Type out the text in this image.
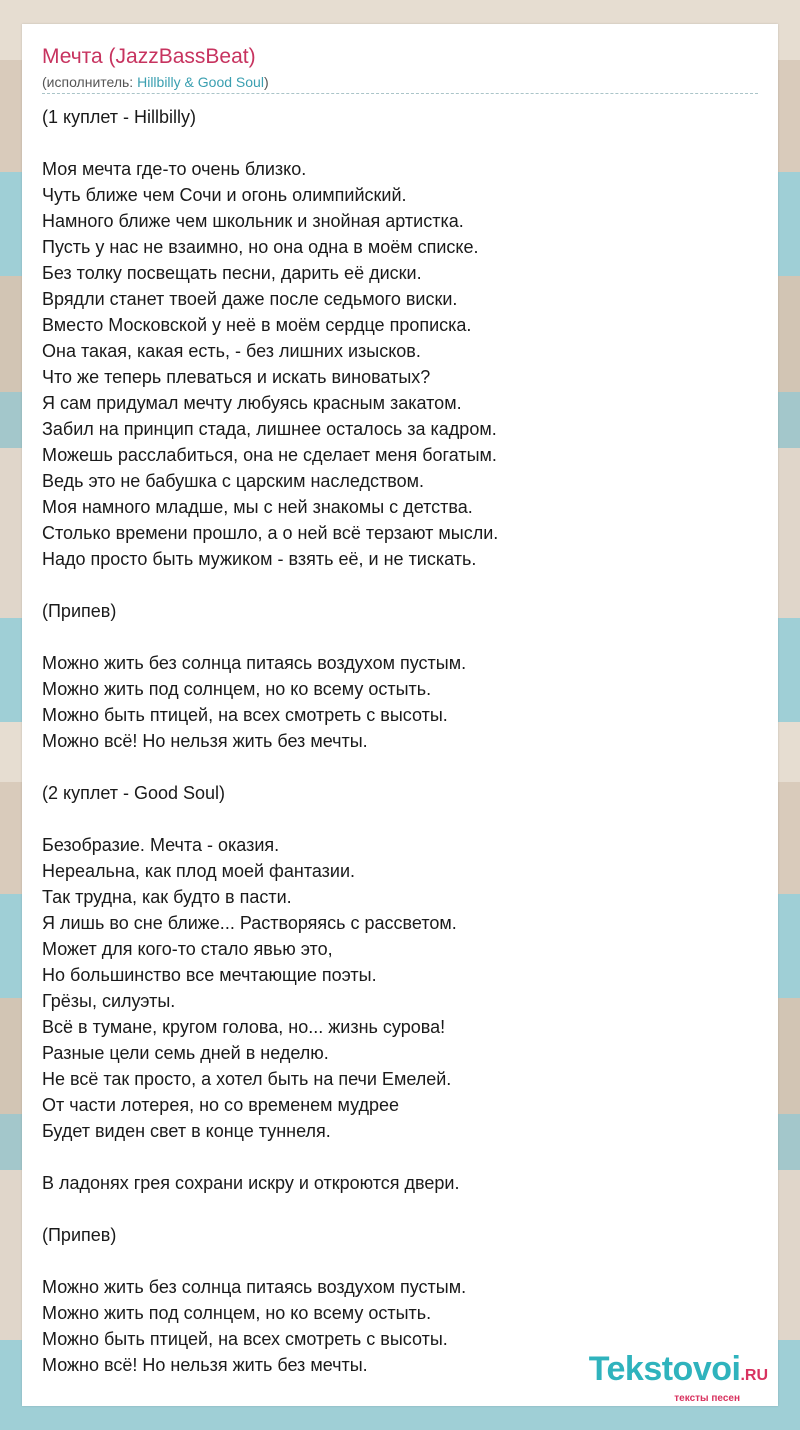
Мечта (JazzBassBeat)
(исполнитель: Hillbilly & Good Soul)
(1 куплет - Hillbilly)

Моя мечта где-то очень близко.
Чуть ближе чем Сочи и огонь олимпийский.
Намного ближе чем школьник и знойная артистка.
Пусть у нас не взаимно, но она одна в моём списке.
Без толку посвещать песни, дарить её диски.
Врядли станет твоей даже после седьмого виски.
Вместо Московской у неё в моём сердце прописка.
Она такая, какая есть, - без лишних изысков.
Что же теперь плеваться и искать виноватых?
Я сам придумал мечту любуясь красным закатом.
Забил на принцип стада, лишнее осталось за кадром.
Можешь расслабиться, она не сделает меня богатым.
Ведь это не бабушка с царским наследством.
Моя намного младше, мы с ней знакомы с детства.
Столько времени прошло, а о ней всё терзают мысли.
Надо просто быть мужиком - взять её, и не тискать.

(Припев)

Можно жить без солнца питаясь воздухом пустым.
Можно жить под солнцем, но ко всему остыть.
Можно быть птицей, на всех смотреть с высоты.
Можно всё! Но нельзя жить без мечты.

(2 куплет - Good Soul)

Безобразие. Мечта - оказия.
Нереальна, как плод моей фантазии.
Так трудна, как будто в пасти.
Я лишь во сне ближе... Растворяясь с рассветом.
Может для кого-то стало явью это,
Но большинство все мечтающие поэты.
Грёзы, силуэты.
Всё в тумане, кругом голова, но... жизнь сурова!
Разные цели семь дней в неделю.
Не всё так просто, а хотел быть на печи Емелей.
От части лотерея, но со временем мудрее
Будет виден свет в конце туннеля.

В ладонях грея сохрани искру и откроются двери.

(Припев)

Можно жить без солнца питаясь воздухом пустым.
Можно жить под солнцем, но ко всему остыть.
Можно быть птицей, на всех смотреть с высоты.
Можно всё! Но нельзя жить без мечты.	Tekstovoi.RU
тексты песен
